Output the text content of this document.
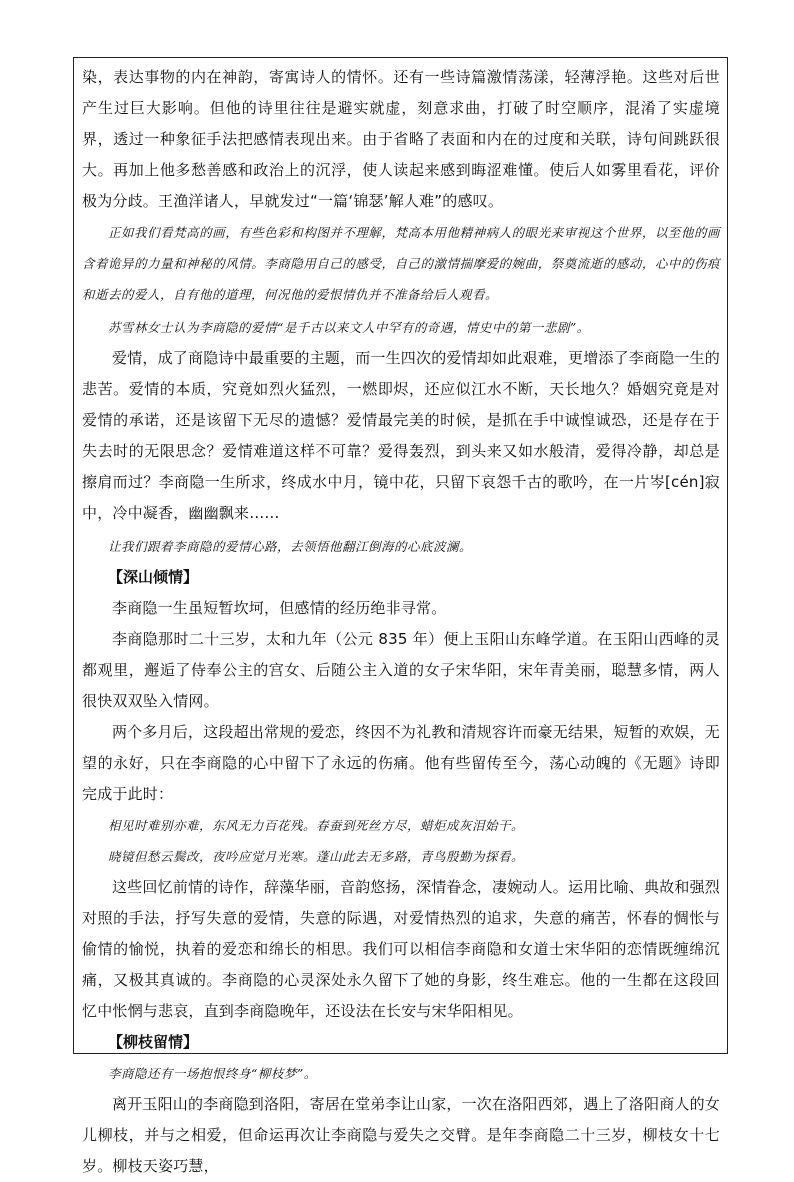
染，表达事物的内在神韵，寄寓诗人的情怀。还有一些诗篇激情荡漾，轻薄浮艳。这些对后世产生过巨大影响。但他的诗里往往是避实就虚，刻意求曲，打破了时空顺序，混淆了实虚境界，透过一种象征手法把感情表现出来。由于省略了表面和内在的过度和关联，诗句间跳跃很大。再加上他多愁善感和政治上的沉浮，使人读起来感到晦涩难懂。使后人如雾里看花，评价极为分歧。王渔洋诸人，早就发过“一篇‘锦瑟’解人难”的感叹。

正如我们看梵高的画，有些色彩和构图并不理解，梵高本用他精神病人的眼光来审视这个世界，以至他的画含着诡异的力量和神秘的风情。李商隐用自己的感受，自己的激情揣摩爱的婉曲，祭奠流逝的感动，心中的伤痕和逝去的爱人，自有他的道理，何况他的爱恨情仇并不准备给后人观看。

苏雪林女士认为李商隐的爱情“是千古以来文人中罕有的奇遇，情史中的第一悲剧”。

爱情，成了商隐诗中最重要的主题，而一生四次的爱情却如此艰难，更增添了李商隐一生的悲苦。爱情的本质，究竟如烈火猛烈，一燃即烬，还应似江水不断，天长地久？婚姻究竟是对爱情的承诺，还是该留下无尽的遗憾？爱情最完美的时候，是抓在手中诚惶诚恐，还是存在于失去时的无限思念？爱情难道这样不可靠？爱得轰烈，到头来又如水般清，爱得冷静，却总是擦肩而过？李商隐一生所求，终成水中月，镜中花，只留下哀怨千古的歌吟，在一片岑[cén]寂中，冷中凝香，幽幽飘来……

让我们跟着李商隐的爱情心路，去领悟他翻江倒海的心底波澜。

【深山倾情】

李商隐一生虽短暂坎坷，但感情的经历绝非寻常。

李商隐那时二十三岁，太和九年（公元 835 年）便上玉阳山东峰学道。在玉阳山西峰的灵都观里，邂逅了侍奉公主的宫女、后随公主入道的女子宋华阳，宋年青美丽，聪慧多情，两人很快双双坠入情网。

两个多月后，这段超出常规的爱恋，终因不为礼教和清规容许而豪无结果，短暂的欢娱，无望的永好，只在李商隐的心中留下了永远的伤痛。他有些留传至今，荡心动魄的《无题》诗即完成于此时：

相见时难别亦难，东风无力百花残。春蚕到死丝方尽，蜡炬成灰泪始干。

晓镜但愁云鬓改，夜吟应觉月光寒。蓬山此去无多路，青鸟殷勤为探看。

这些回忆前情的诗作，辞藻华丽，音韵悠扬，深情眷念，凄婉动人。运用比喻、典故和强烈对照的手法，抒写失意的爱情，失意的际遇，对爱情热烈的追求，失意的痛苦，怀春的惆怅与偷情的愉悦，执着的爱恋和绵长的相思。我们可以相信李商隐和女道士宋华阳的恋情既缠绵沉痛，又极其真诚的。李商隐的心灵深处永久留下了她的身影，终生难忘。他的一生都在这段回忆中怅惘与悲哀，直到李商隐晚年，还设法在长安与宋华阳相见。

【柳枝留情】

李商隐还有一场抱恨终身“柳枝梦”。

离开玉阳山的李商隐到洛阳，寄居在堂弟李让山家，一次在洛阳西郊，遇上了洛阳商人的女儿柳枝，并与之相爱，但命运再次让李商隐与爱失之交臂。是年李商隐二十三岁，柳枝女十七岁。柳枝天姿巧慧，
